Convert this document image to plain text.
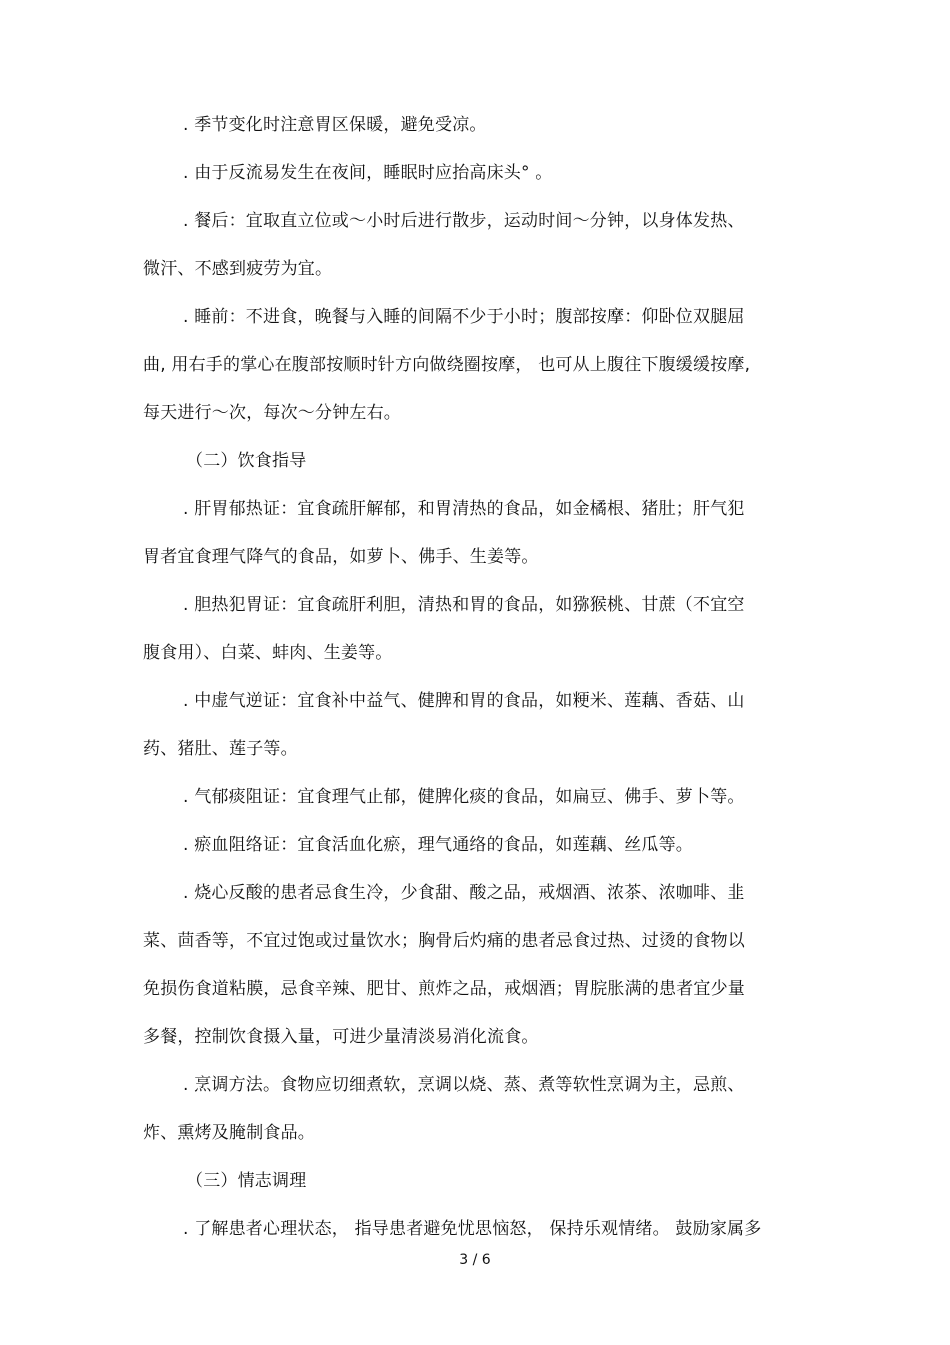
. 季节变化时注意胃区保暖，避免受凉。
. 由于反流易发生在夜间，睡眠时应抬高床头° 。
. 餐后：宜取直立位或～小时后进行散步，运动时间～分钟，以身体发热、
微汗、不感到疲劳为宜。
. 睡前：不进食，晚餐与入睡的间隔不少于小时；腹部按摩：仰卧位双腿屈
曲, 用右手的掌心在腹部按顺时针方向做绕圈按摩， 也可从上腹往下腹缓缓按摩,
每天进行～次，每次～分钟左右。
（二）饮食指导
. 肝胃郁热证：宜食疏肝解郁，和胃清热的食品，如金橘根、猪肚；肝气犯
胃者宜食理气降气的食品，如萝卜、佛手、生姜等。
. 胆热犯胃证：宜食疏肝利胆，清热和胃的食品，如猕猴桃、甘蔗（不宜空
腹食用）、白菜、蚌肉、生姜等。
. 中虚气逆证：宜食补中益气、健脾和胃的食品，如粳米、莲藕、香菇、山
药、猪肚、莲子等。
. 气郁痰阻证：宜食理气止郁，健脾化痰的食品，如扁豆、佛手、萝卜等。
. 瘀血阻络证：宜食活血化瘀，理气通络的食品，如莲藕、丝瓜等。
. 烧心反酸的患者忌食生冷，少食甜、酸之品，戒烟酒、浓茶、浓咖啡、韭
菜、茴香等，不宜过饱或过量饮水；胸骨后灼痛的患者忌食过热、过烫的食物以
免损伤食道粘膜，忌食辛辣、肥甘、煎炸之品，戒烟酒；胃脘胀满的患者宜少量
多餐，控制饮食摄入量，可进少量清淡易消化流食。
. 烹调方法。食物应切细煮软，烹调以烧、蒸、煮等软性烹调为主，忌煎、
炸、熏烤及腌制食品。
（三）情志调理
. 了解患者心理状态， 指导患者避免忧思恼怒， 保持乐观情绪。 鼓励家属多
3 / 6
